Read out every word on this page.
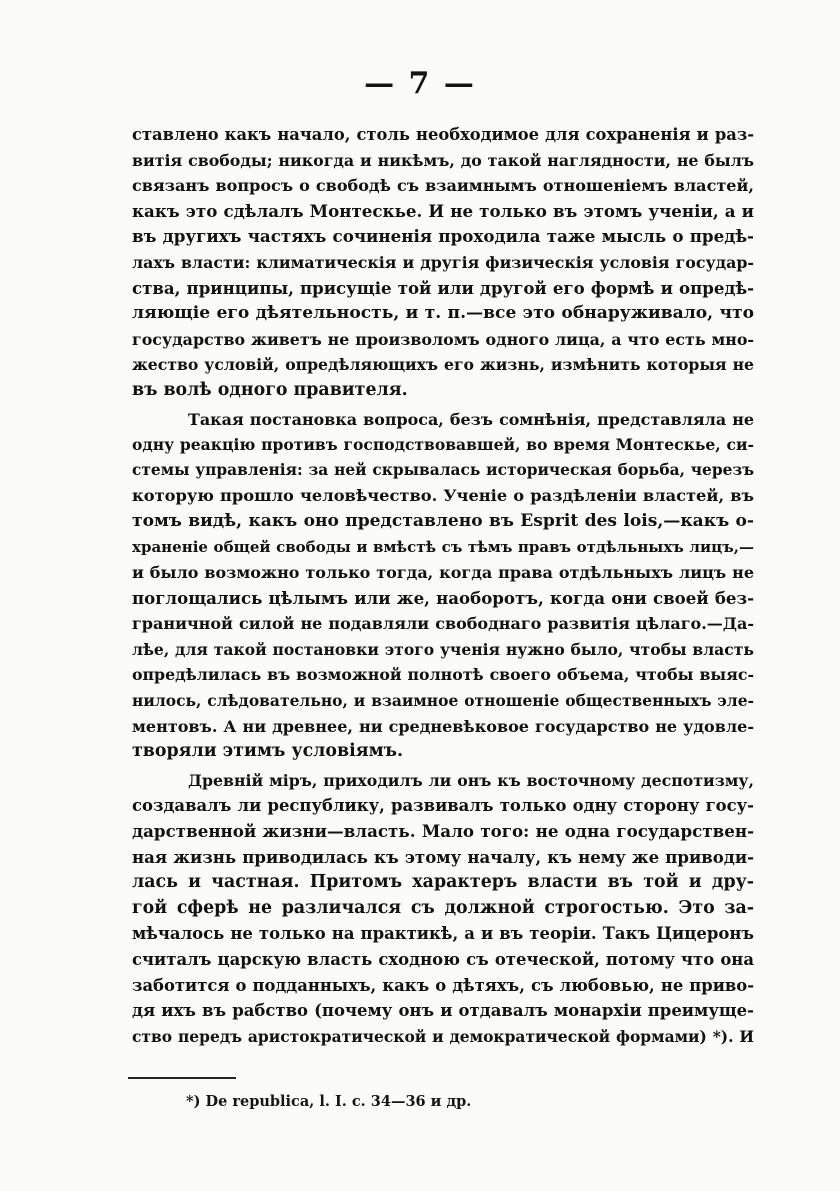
— 7 —
ставлено какъ начало, столь необходимое для сохраненія и раз-
витія свободы; никогда и никѣмъ, до такой наглядности, не былъ
связанъ вопросъ о свободѣ съ взаимнымъ отношеніемъ властей,
какъ это сдѣлалъ Монтескье. И не только въ этомъ ученіи, а и
въ другихъ частяхъ сочиненія проходила таже мысль о предѣ-
лахъ власти: климатическія и другія физическія условія государ-
ства, принципы, присущіе той или другой его формѣ и опредѣ-
ляющіе его дѣятельность, и т. п.—все это обнаруживало, что
государство живетъ не произволомъ одного лица, а что есть мно-
жество условій, опредѣляющихъ его жизнь, измѣнить которыя не
въ волѣ одного правителя.
Такая постановка вопроса, безъ сомнѣнія, представляла не
одну реакцію противъ господствовавшей, во время Монтескье, си-
стемы управленія: за ней скрывалась историческая борьба, черезъ
которую прошло человѣчество. Ученіе о раздѣленіи властей, въ
томъ видѣ, какъ оно представлено въ Esprit des lois,—какъ о-
храненіе общей свободы и вмѣстѣ съ тѣмъ правъ отдѣльныхъ лицъ,—
и было возможно только тогда, когда права отдѣльныхъ лицъ не
поглощались цѣлымъ или же, наоборотъ, когда они своей без-
граничной силой не подавляли свободнаго развитія цѣлаго.—Да-
лѣе, для такой постановки этого ученія нужно было, чтобы власть
опредѣлилась въ возможной полнотѣ своего объема, чтобы выяс-
нилось, слѣдовательно, и взаимное отношеніе общественныхъ эле-
ментовъ. А ни древнее, ни средневѣковое государство не удовле-
творяли этимъ условіямъ.
Древній міръ, приходилъ ли онъ къ восточному деспотизму,
создавалъ ли республику, развивалъ только одну сторону госу-
дарственной жизни—власть. Мало того: не одна государствен-
ная жизнь приводилась къ этому началу, къ нему же приводи-
лась и частная. Притомъ характеръ власти въ той и дру-
гой сферѣ не различался съ должной строгостью. Это за-
мѣчалось не только на практикѣ, а и въ теоріи. Такъ Цицеронъ
считалъ царскую власть сходною съ отеческой, потому что она
заботится о подданныхъ, какъ о дѣтяхъ, съ любовью, не приво-
дя ихъ въ рабство (почему онъ и отдавалъ монархіи преимуще-
ство передъ аристократической и демократической формами) *). И
*) De republica, l. I. c. 34—36 и др.
